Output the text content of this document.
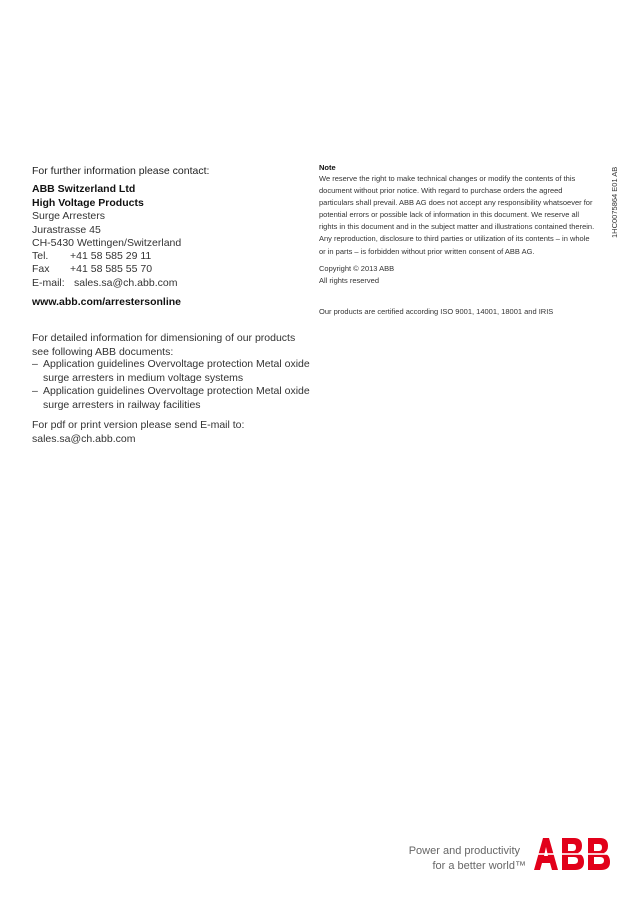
For further information please contact:
ABB Switzerland Ltd
High Voltage Products
Surge Arresters
Jurastrasse 45
CH-5430 Wettingen/Switzerland
Tel. +41 58 585 29 11
Fax +41 58 585 55 70
E-mail: sales.sa@ch.abb.com
www.abb.com/arrestersonline
For detailed information for dimensioning of our products see following ABB documents:
– Application guidelines Overvoltage protection Metal oxide surge arresters in medium voltage systems
– Application guidelines Overvoltage protection Metal oxide surge arresters in railway facilities
For pdf or print version please send E-mail to:
sales.sa@ch.abb.com
Note
We reserve the right to make technical changes or modify the contents of this document without prior notice. With regard to purchase orders the agreed particulars shall prevail. ABB AG does not accept any responsibility whatsoever for potential errors or possible lack of information in this document. We reserve all rights in this document and in the subject matter and illustrations contained therein. Any reproduction, disclosure to third parties or utilization of its contents – in whole or in parts – is forbidden without prior written consent of ABB AG.
Copyright © 2013 ABB
All rights reserved
Our products are certified according ISO 9001, 14001, 18001 and IRIS
1HC0075864 E01 AB
Power and productivity
for a better world™
